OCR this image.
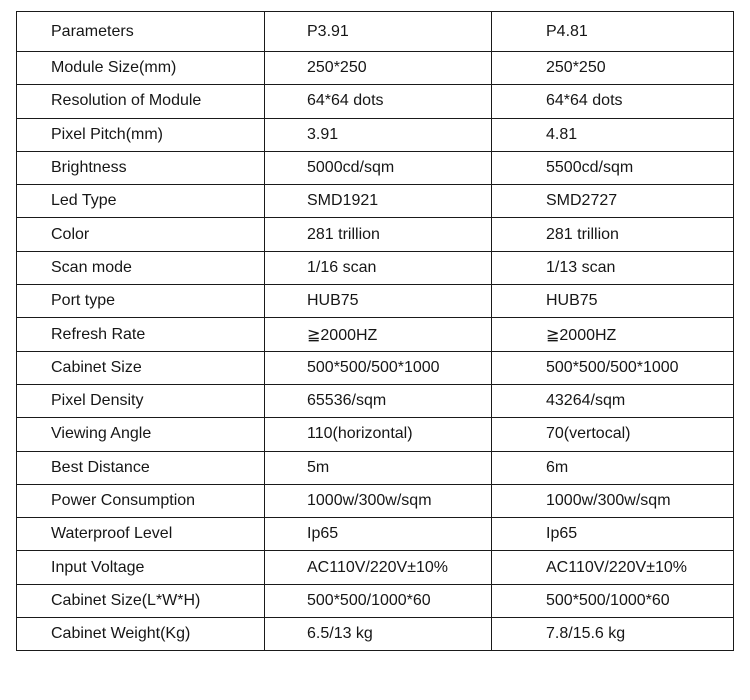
Parameters	P3.91	P4.81
Module Size(mm)	250*250	250*250
Resolution of Module	64*64 dots	64*64 dots
Pixel Pitch(mm)	3.91	4.81
Brightness	5000cd/sqm	5500cd/sqm
Led Type	SMD1921	SMD2727
Color	281 trillion	281 trillion
Scan mode	1/16 scan	1/13 scan
Port type	HUB75	HUB75
Refresh Rate	≧2000HZ	≧2000HZ
Cabinet Size	500*500/500*1000	500*500/500*1000
Pixel Density	65536/sqm	43264/sqm
Viewing Angle	110(horizontal)	70(vertocal)
Best Distance	5m	6m
Power Consumption	1000w/300w/sqm	1000w/300w/sqm
Waterproof Level	Ip65	Ip65
Input Voltage	AC110V/220V±10%	AC110V/220V±10%
Cabinet Size(L*W*H)	500*500/1000*60	500*500/1000*60
Cabinet Weight(Kg)	6.5/13 kg	7.8/15.6 kg
